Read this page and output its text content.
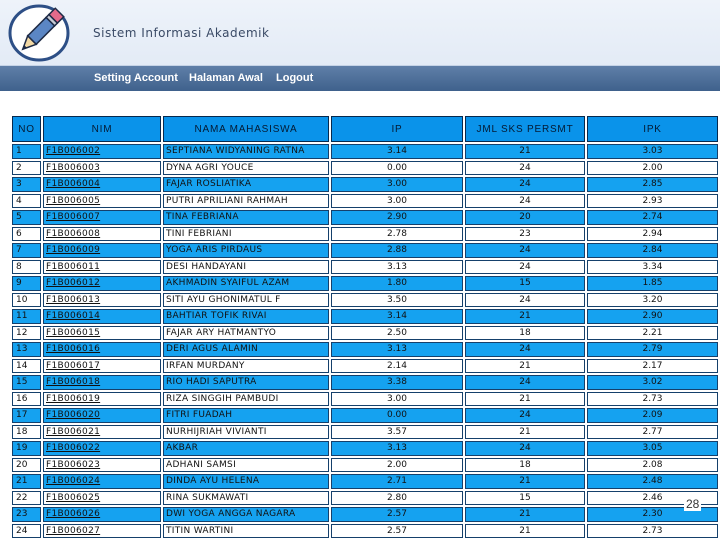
Sistem Informasi Akademik
Setting Account Halaman Awal Logout
NO	NIM	NAMA MAHASISWA	IP	JML SKS PERSMT	IPK
1	F1B006002	SEPTIANA WIDYANING RATNA	3.14	21	3.03
2	F1B006003	DYNA AGRI YOUCE	0.00	24	2.00
3	F1B006004	FAJAR ROSLIATIKA	3.00	24	2.85
4	F1B006005	PUTRI APRILIANI RAHMAH	3.00	24	2.93
5	F1B006007	TINA FEBRIANA	2.90	20	2.74
6	F1B006008	TINI FEBRIANI	2.78	23	2.94
7	F1B006009	YOGA ARIS PIRDAUS	2.88	24	2.84
8	F1B006011	DESI HANDAYANI	3.13	24	3.34
9	F1B006012	AKHMADIN SYAIFUL AZAM	1.80	15	1.85
10	F1B006013	SITI AYU GHONIMATUL F	3.50	24	3.20
11	F1B006014	BAHTIAR TOFIK RIVAI	3.14	21	2.90
12	F1B006015	FAJAR ARY HATMANTYO	2.50	18	2.21
13	F1B006016	DERI AGUS ALAMIN	3.13	24	2.79
14	F1B006017	IRFAN MURDANY	2.14	21	2.17
15	F1B006018	RIO HADI SAPUTRA	3.38	24	3.02
16	F1B006019	RIZA SINGGIH PAMBUDI	3.00	21	2.73
17	F1B006020	FITRI FUADAH	0.00	24	2.09
18	F1B006021	NURHIJRIAH VIVIANTI	3.57	21	2.77
19	F1B006022	AKBAR	3.13	24	3.05
20	F1B006023	ADHANI SAMSI	2.00	18	2.08
21	F1B006024	DINDA AYU HELENA	2.71	21	2.48
22	F1B006025	RINA SUKMAWATI	2.80	15	2.46
23	F1B006026	DWI YOGA ANGGA NAGARA	2.57	21	2.30
24	F1B006027	TITIN WARTINI	2.57	21	2.73
28
